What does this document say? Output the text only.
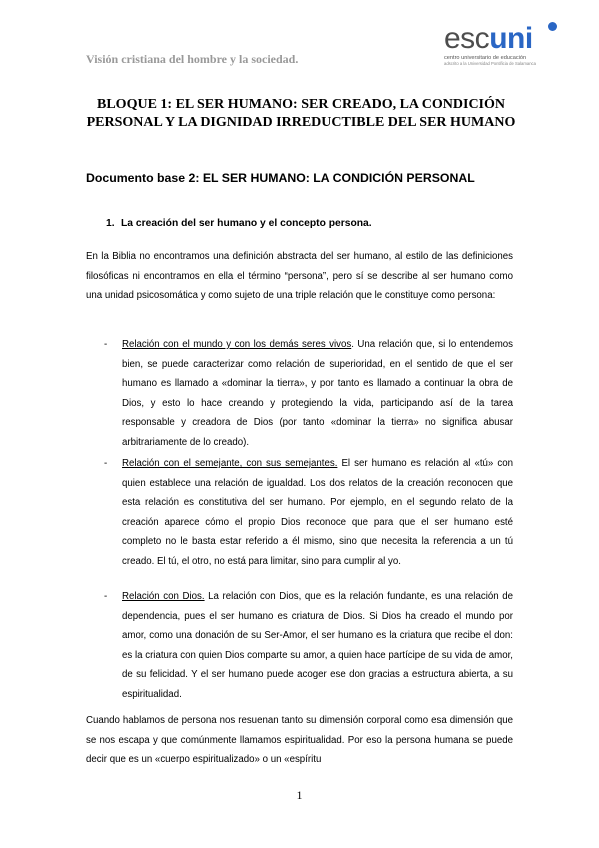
Visión cristiana del hombre y la sociedad.
escuni
centro universitario de educación
adscrito a la Universidad Pontificia de Salamanca
BLOQUE 1: EL SER HUMANO: SER CREADO, LA CONDICIÓN PERSONAL Y LA DIGNIDAD IRREDUCTIBLE DEL SER HUMANO
Documento base 2: EL SER HUMANO: LA CONDICIÓN PERSONAL
1. La creación del ser humano y el concepto persona.
En la Biblia no encontramos una definición abstracta del ser humano, al estilo de las definiciones filosóficas ni encontramos en ella el término “persona”, pero sí se describe al ser humano como una unidad psicosomática y como sujeto de una triple relación que le constituye como persona:
- Relación con el mundo y con los demás seres vivos. Una relación que, si lo entendemos bien, se puede caracterizar como relación de superioridad, en el sentido de que el ser humano es llamado a «dominar la tierra», y por tanto es llamado a continuar la obra de Dios, y esto lo hace creando y protegiendo la vida, participando así de la tarea responsable y creadora de Dios (por tanto «dominar la tierra» no significa abusar arbitrariamente de lo creado).
- Relación con el semejante, con sus semejantes. El ser humano es relación al «tú» con quien establece una relación de igualdad. Los dos relatos de la creación reconocen que esta relación es constitutiva del ser humano. Por ejemplo, en el segundo relato de la creación aparece cómo el propio Dios reconoce que para que el ser humano esté completo no le basta estar referido a él mismo, sino que necesita la referencia a un tú creado. El tú, el otro, no está para limitar, sino para cumplir al yo.
- Relación con Dios. La relación con Dios, que es la relación fundante, es una relación de dependencia, pues el ser humano es criatura de Dios. Si Dios ha creado el mundo por amor, como una donación de su Ser-Amor, el ser humano es la criatura que recibe el don: es la criatura con quien Dios comparte su amor, a quien hace partícipe de su vida de amor, de su felicidad. Y el ser humano puede acoger ese don gracias a estructura abierta, a su espiritualidad.
Cuando hablamos de persona nos resuenan tanto su dimensión corporal como esa dimensión que se nos escapa y que comúnmente llamamos espiritualidad. Por eso la persona humana se puede decir que es un «cuerpo espiritualizado» o un «espíritu
1
